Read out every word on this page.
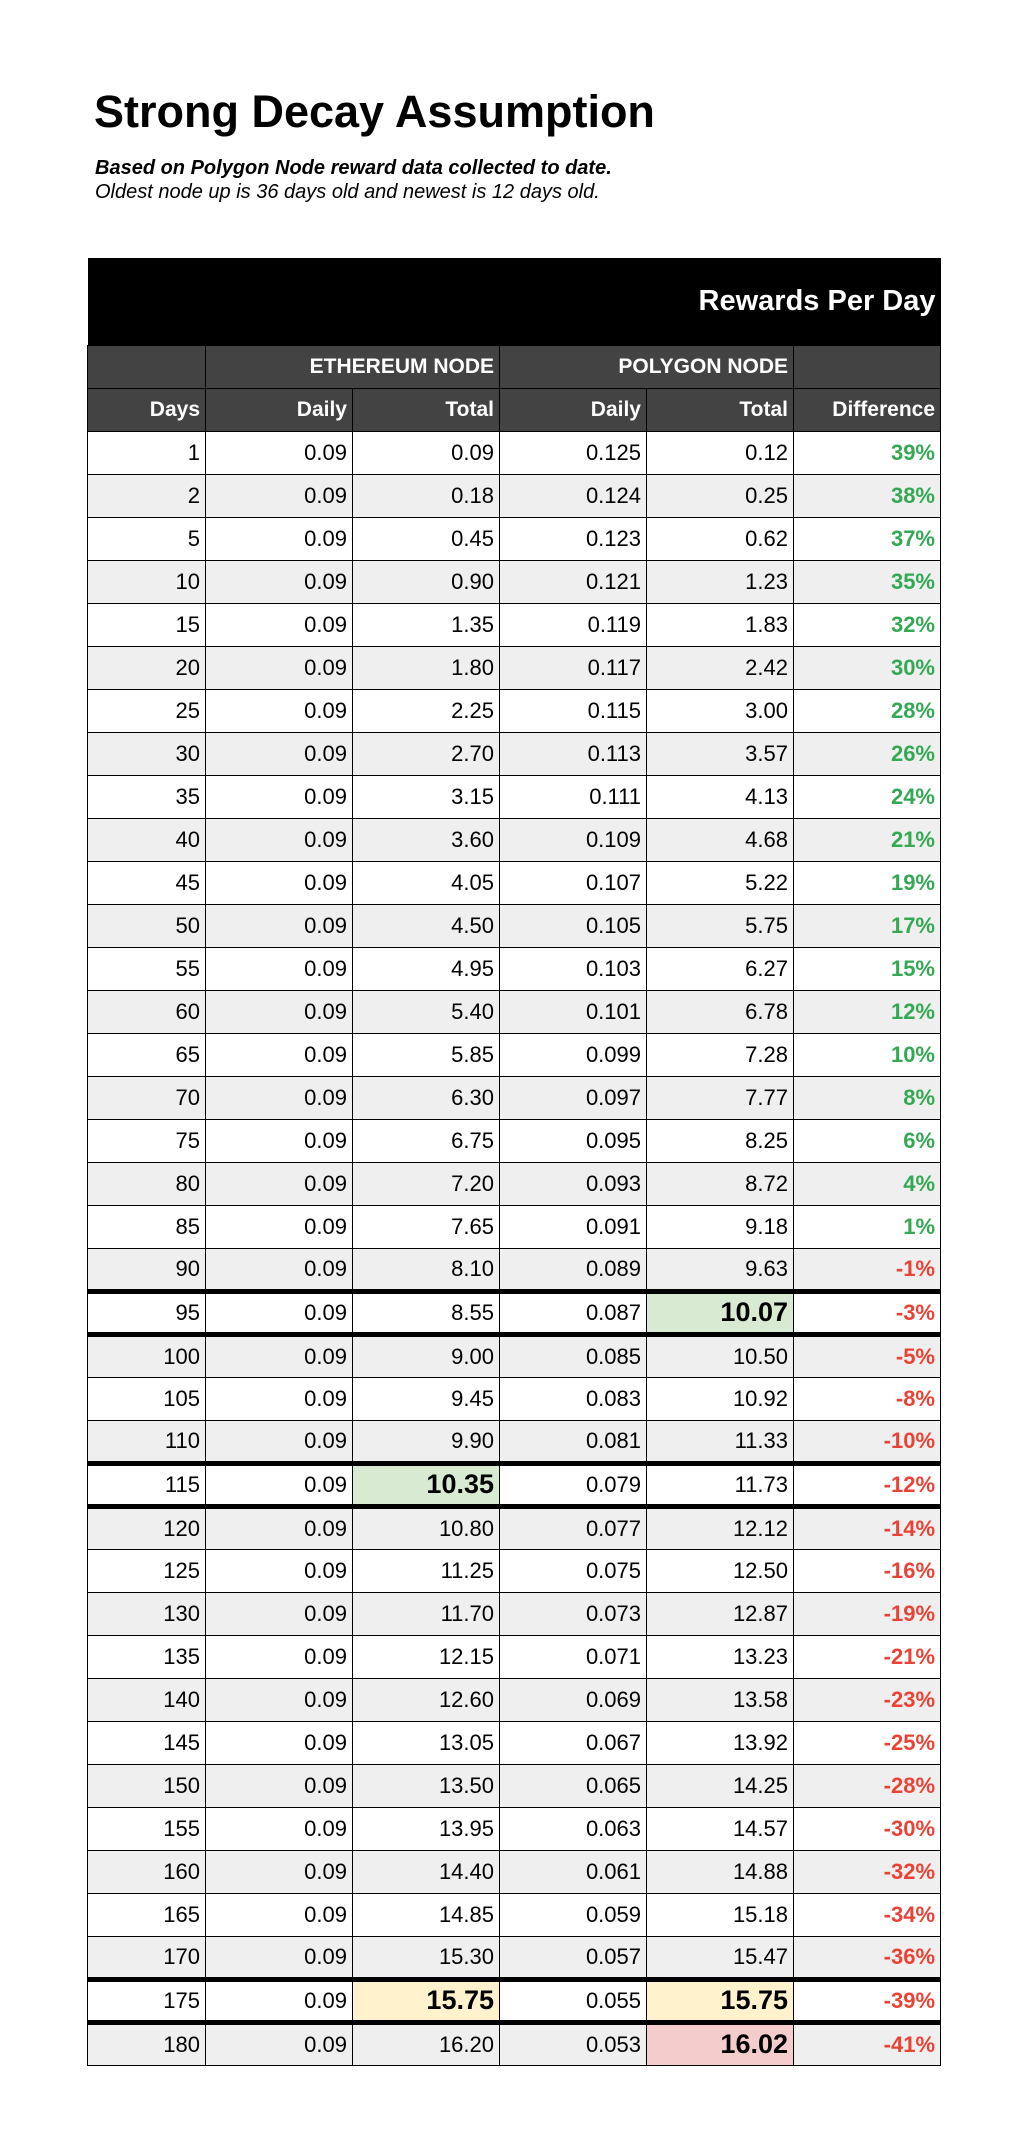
Strong Decay Assumption
Based on Polygon Node reward data collected to date.
Oldest node up is 36 days old and newest is 12 days old.
Rewards Per Day					
	ETHEREUM NODE		POLYGON NODE		
Days	Daily	Total	Daily	Total	Difference
1	0.09	0.09	0.125	0.12	39%
2	0.09	0.18	0.124	0.25	38%
5	0.09	0.45	0.123	0.62	37%
10	0.09	0.90	0.121	1.23	35%
15	0.09	1.35	0.119	1.83	32%
20	0.09	1.80	0.117	2.42	30%
25	0.09	2.25	0.115	3.00	28%
30	0.09	2.70	0.113	3.57	26%
35	0.09	3.15	0.111	4.13	24%
40	0.09	3.60	0.109	4.68	21%
45	0.09	4.05	0.107	5.22	19%
50	0.09	4.50	0.105	5.75	17%
55	0.09	4.95	0.103	6.27	15%
60	0.09	5.40	0.101	6.78	12%
65	0.09	5.85	0.099	7.28	10%
70	0.09	6.30	0.097	7.77	8%
75	0.09	6.75	0.095	8.25	6%
80	0.09	7.20	0.093	8.72	4%
85	0.09	7.65	0.091	9.18	1%
90	0.09	8.10	0.089	9.63	-1%
95	0.09	8.55	0.087	10.07	-3%
100	0.09	9.00	0.085	10.50	-5%
105	0.09	9.45	0.083	10.92	-8%
110	0.09	9.90	0.081	11.33	-10%
115	0.09	10.35	0.079	11.73	-12%
120	0.09	10.80	0.077	12.12	-14%
125	0.09	11.25	0.075	12.50	-16%
130	0.09	11.70	0.073	12.87	-19%
135	0.09	12.15	0.071	13.23	-21%
140	0.09	12.60	0.069	13.58	-23%
145	0.09	13.05	0.067	13.92	-25%
150	0.09	13.50	0.065	14.25	-28%
155	0.09	13.95	0.063	14.57	-30%
160	0.09	14.40	0.061	14.88	-32%
165	0.09	14.85	0.059	15.18	-34%
170	0.09	15.30	0.057	15.47	-36%
175	0.09	15.75	0.055	15.75	-39%
180	0.09	16.20	0.053	16.02	-41%
